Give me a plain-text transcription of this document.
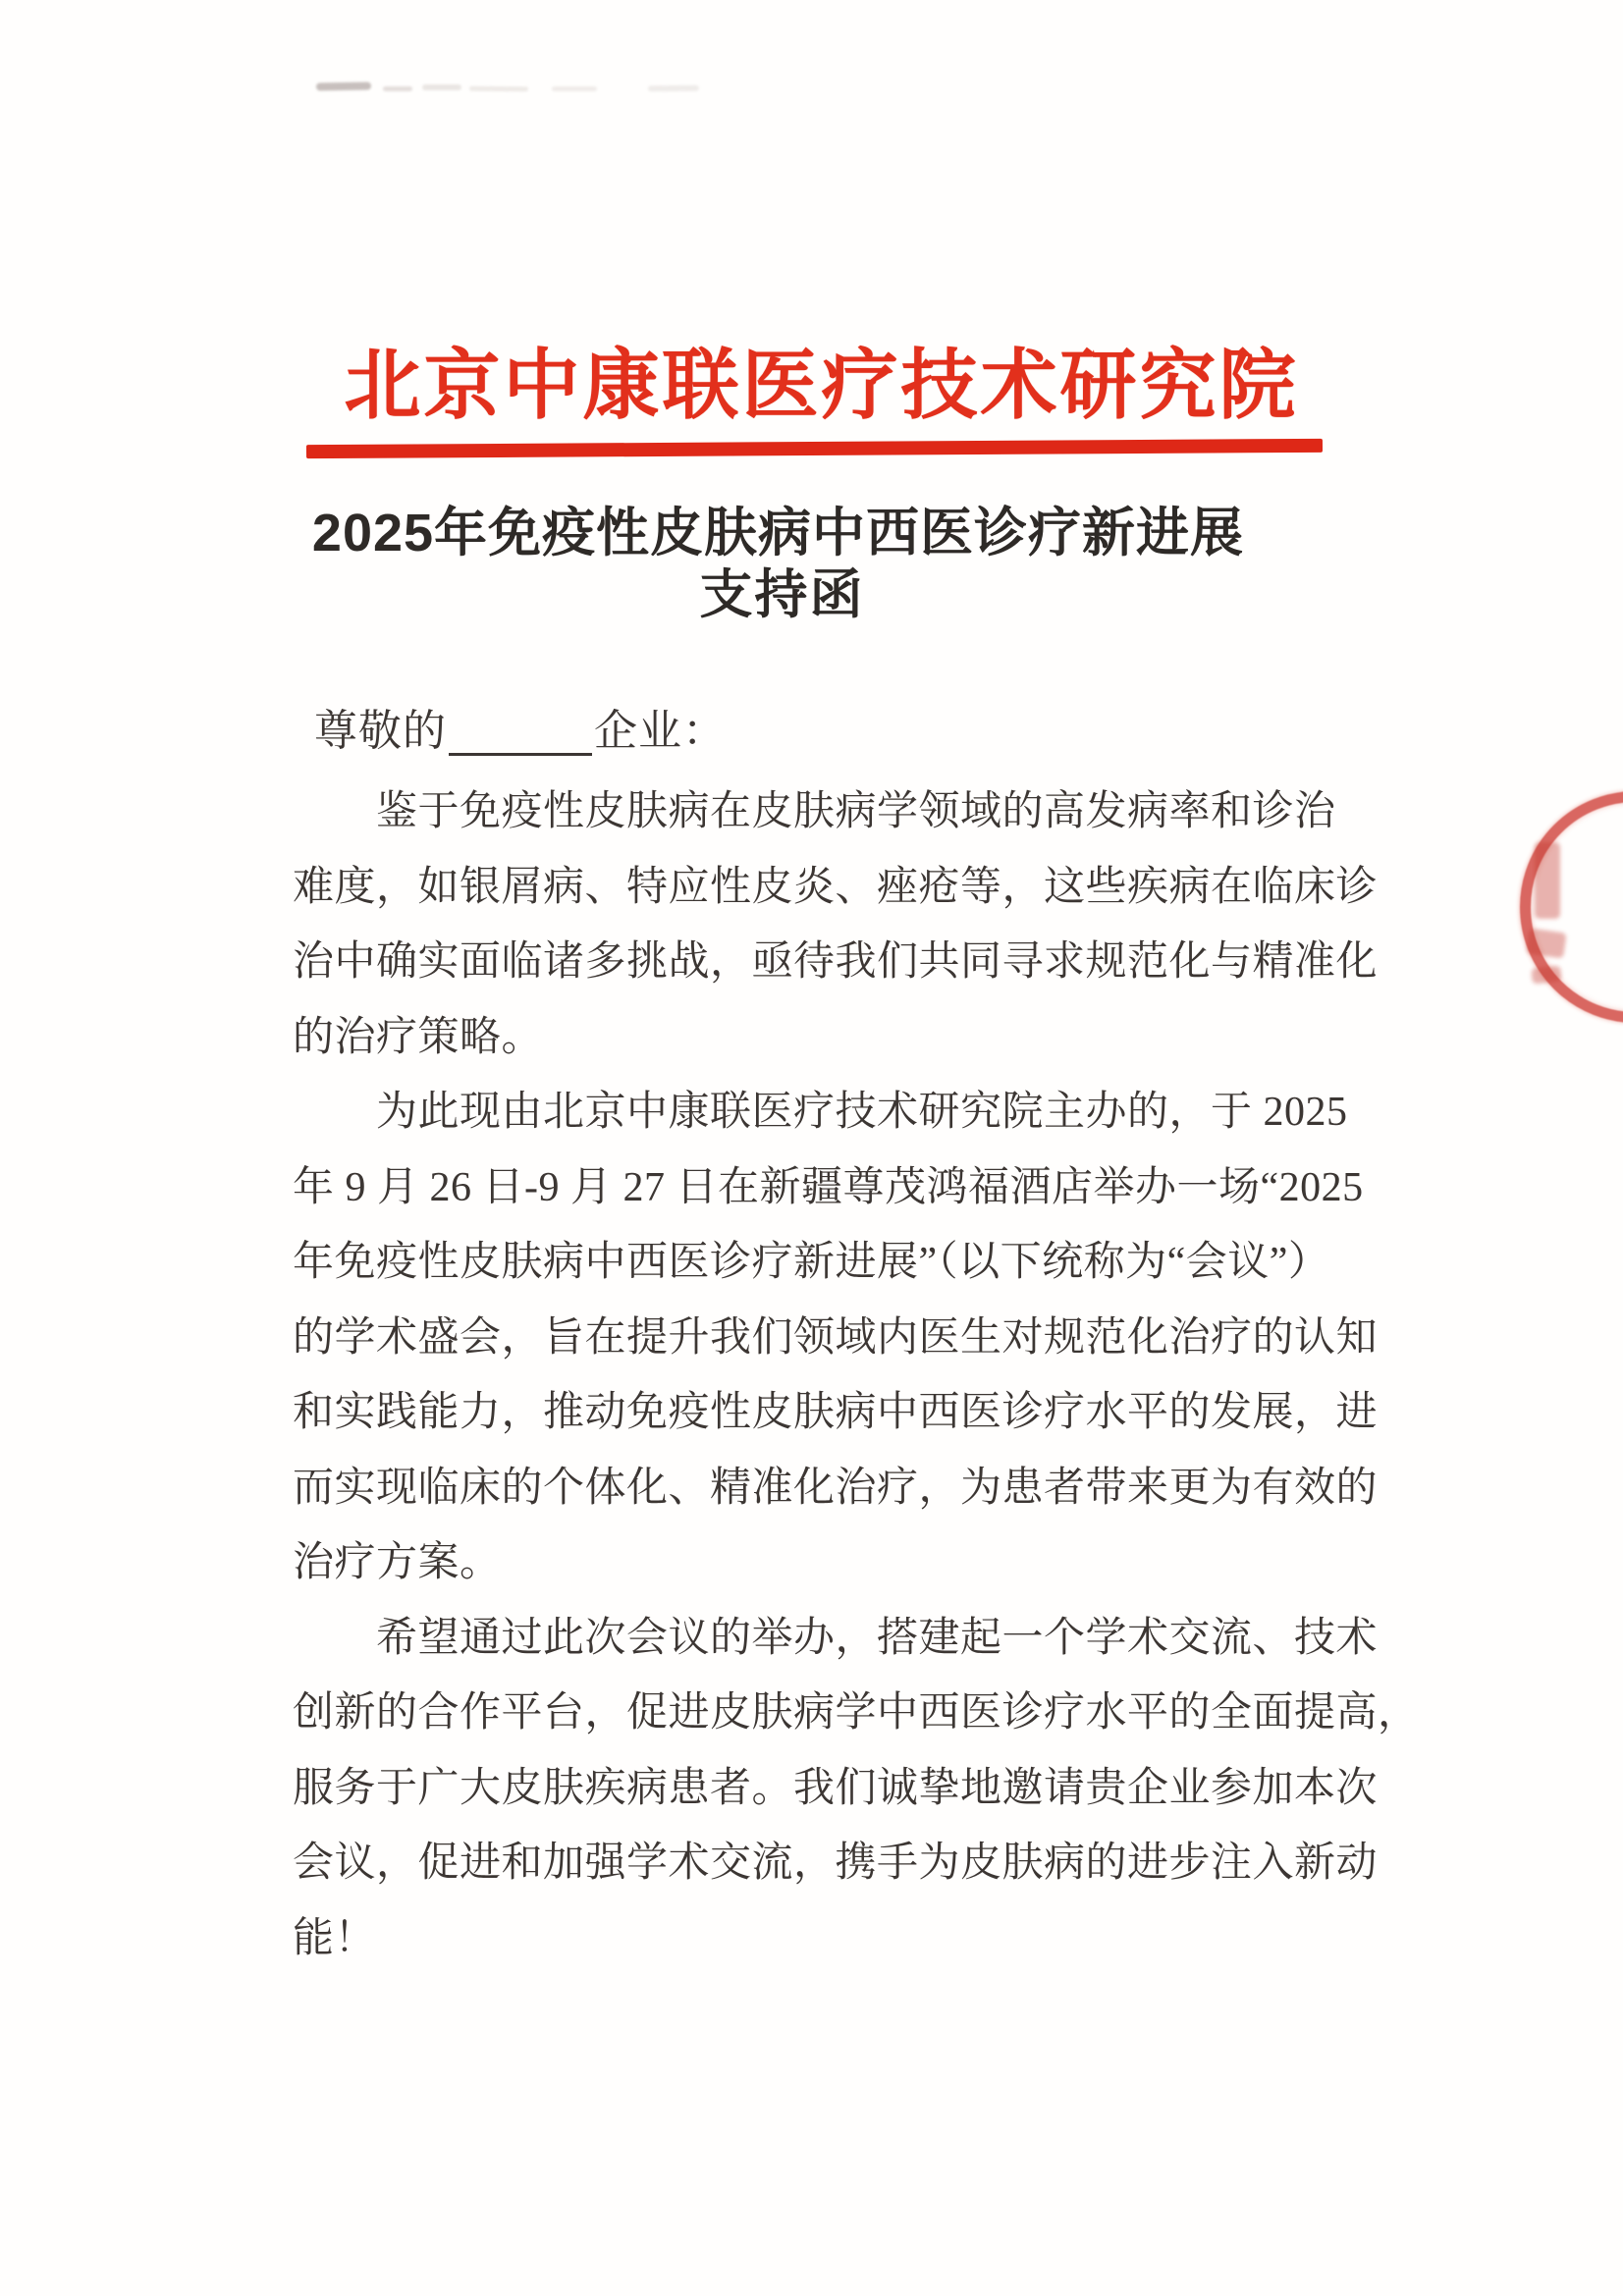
北京中康联医疗技术研究院
2025年免疫性皮肤病中西医诊疗新进展
支持函
尊敬的	企业：
　　鉴于免疫性皮肤病在皮肤病学领域的高发病率和诊治
难度，如银屑病、特应性皮炎、痤疮等，这些疾病在临床诊
治中确实面临诸多挑战，亟待我们共同寻求规范化与精准化
的治疗策略。
　　为此现由北京中康联医疗技术研究院主办的，于 2025
年 9 月 26 日-9 月 27 日在新疆尊茂鸿福酒店举办一场“2025
年免疫性皮肤病中西医诊疗新进展”（以下统称为“会议”）
的学术盛会，旨在提升我们领域内医生对规范化治疗的认知
和实践能力，推动免疫性皮肤病中西医诊疗水平的发展，进
而实现临床的个体化、精准化治疗，为患者带来更为有效的
治疗方案。
　　希望通过此次会议的举办，搭建起一个学术交流、技术
创新的合作平台，促进皮肤病学中西医诊疗水平的全面提高，
服务于广大皮肤疾病患者。我们诚挚地邀请贵企业参加本次
会议，促进和加强学术交流，携手为皮肤病的进步注入新动
能！
